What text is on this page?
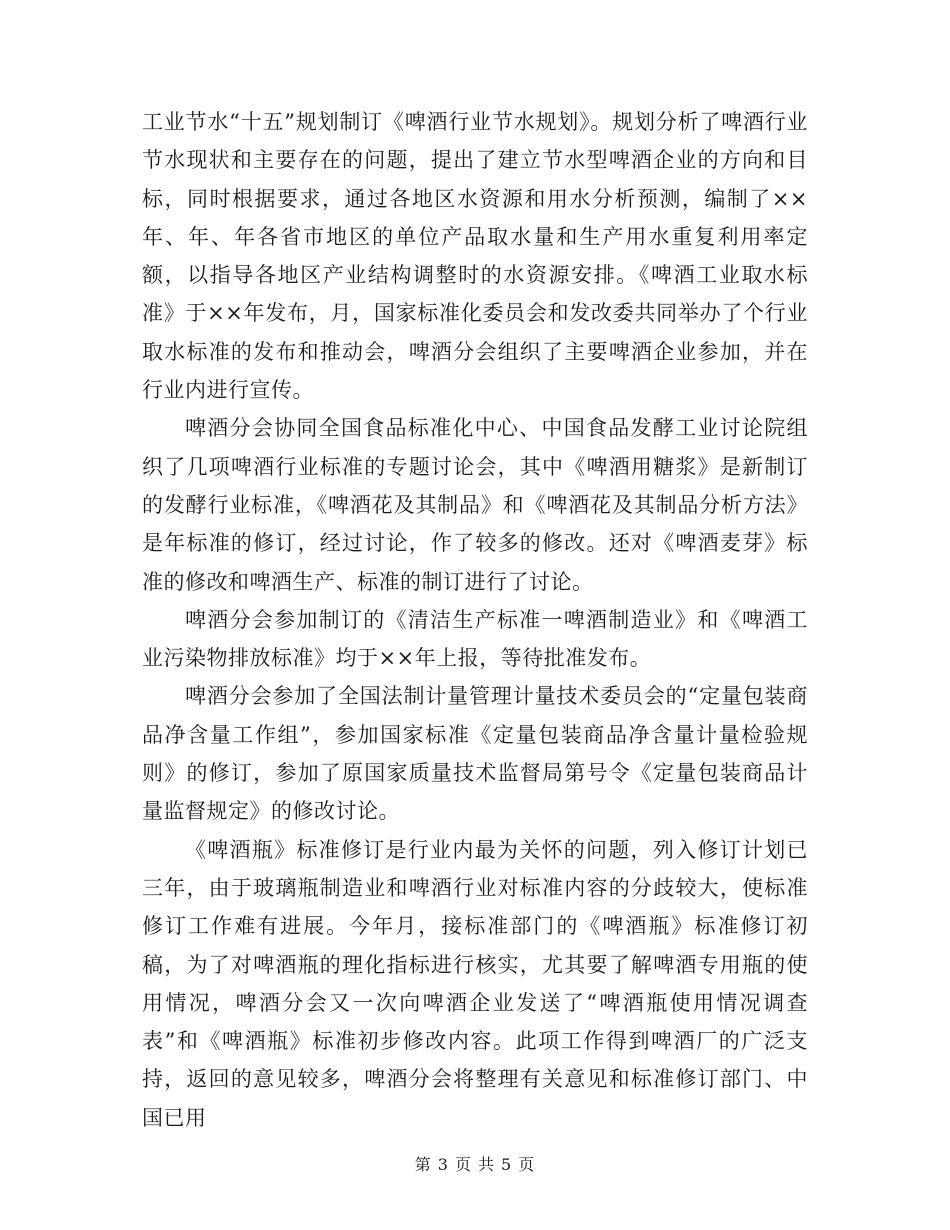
工业节水“十五”规划制订《啤酒行业节水规划》。规划分析了啤酒行业节水现状和主要存在的问题，提出了建立节水型啤酒企业的方向和目标，同时根据要求，通过各地区水资源和用水分析预测，编制了××年、年、年各省市地区的单位产品取水量和生产用水重复利用率定额，以指导各地区产业结构调整时的水资源安排。《啤酒工业取水标准》于××年发布，月，国家标准化委员会和发改委共同举办了个行业取水标准的发布和推动会，啤酒分会组织了主要啤酒企业参加，并在行业内进行宣传。

啤酒分会协同全国食品标准化中心、中国食品发酵工业讨论院组织了几项啤酒行业标准的专题讨论会，其中《啤酒用糖浆》是新制订的发酵行业标准，《啤酒花及其制品》和《啤酒花及其制品分析方法》是年标准的修订，经过讨论，作了较多的修改。还对《啤酒麦芽》标准的修改和啤酒生产、标准的制订进行了讨论。

啤酒分会参加制订的《清洁生产标准一啤酒制造业》和《啤酒工业污染物排放标准》均于××年上报，等待批准发布。

啤酒分会参加了全国法制计量管理计量技术委员会的“定量包装商品净含量工作组”，参加国家标准《定量包装商品净含量计量检验规则》的修订，参加了原国家质量技术监督局第号令《定量包装商品计量监督规定》的修改讨论。

《啤酒瓶》标准修订是行业内最为关怀的问题，列入修订计划已三年，由于玻璃瓶制造业和啤酒行业对标准内容的分歧较大，使标准修订工作难有进展。今年月，接标准部门的《啤酒瓶》标准修订初稿，为了对啤酒瓶的理化指标进行核实，尤其要了解啤酒专用瓶的使用情况，啤酒分会又一次向啤酒企业发送了“啤酒瓶使用情况调查表”和《啤酒瓶》标准初步修改内容。此项工作得到啤酒厂的广泛支持，返回的意见较多，啤酒分会将整理有关意见和标准修订部门、中国已用

第 3 页 共 5 页
